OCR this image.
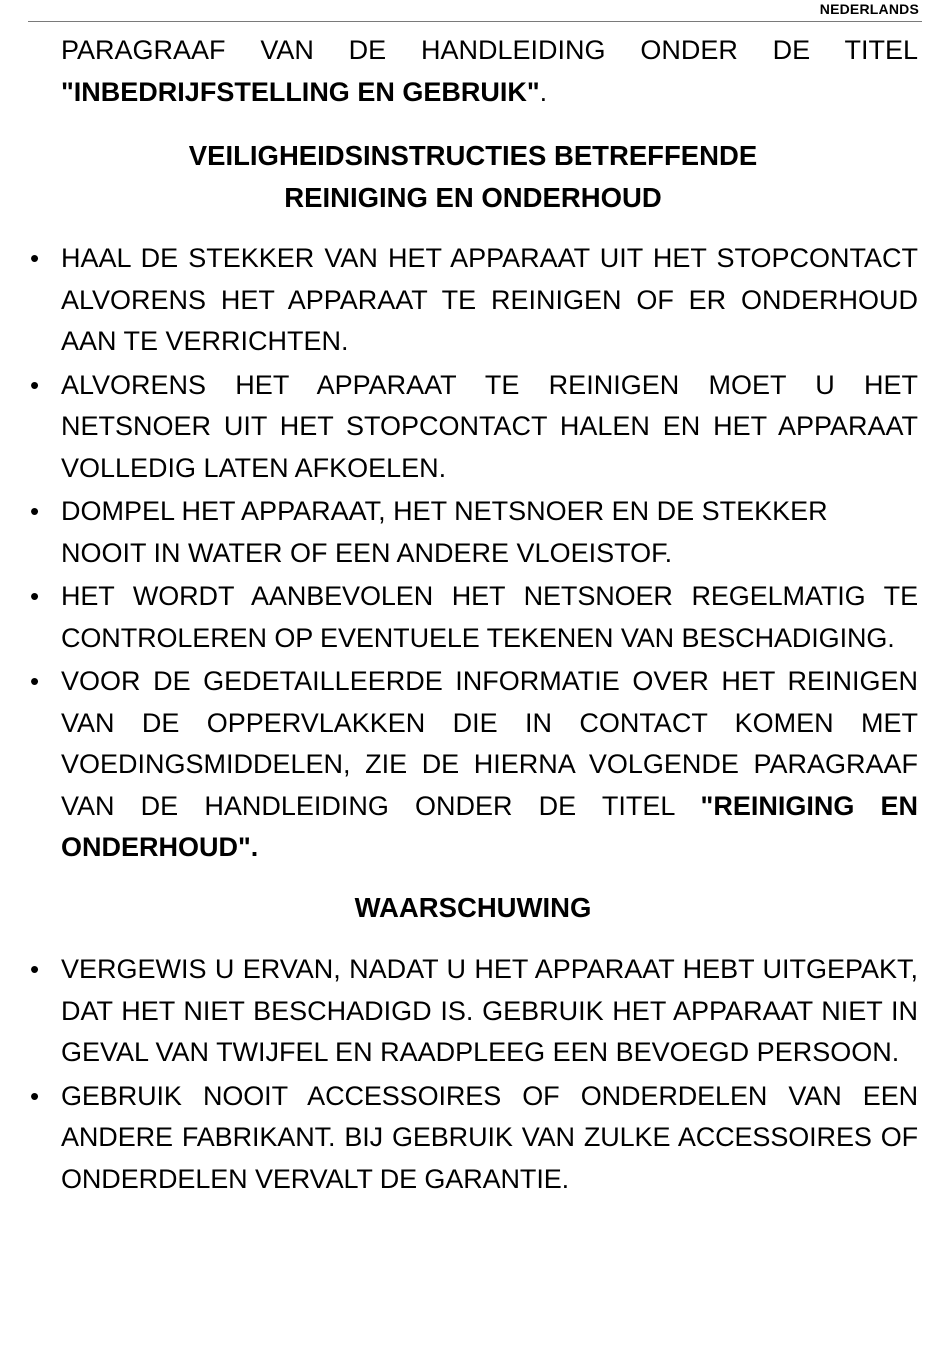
NEDERLANDS

PARAGRAAF VAN DE HANDLEIDING ONDER DE TITEL "INBEDRIJFSTELLING EN GEBRUIK".

VEILIGHEIDSINSTRUCTIES BETREFFENDE
REINIGING EN ONDERHOUD
• HAAL DE STEKKER VAN HET APPARAAT UIT HET STOPCONTACT ALVORENS HET APPARAAT TE REINIGEN OF ER ONDERHOUD AAN TE VERRICHTEN.
• ALVORENS HET APPARAAT TE REINIGEN MOET U HET NETSNOER UIT HET STOPCONTACT HALEN EN HET APPARAAT VOLLEDIG LATEN AFKOELEN.
• DOMPEL HET APPARAAT, HET NETSNOER EN DE STEKKER NOOIT IN WATER OF EEN ANDERE VLOEISTOF.
• HET WORDT AANBEVOLEN HET NETSNOER REGELMATIG TE CONTROLEREN OP EVENTUELE TEKENEN VAN BESCHADIGING.
• VOOR DE GEDETAILLEERDE INFORMATIE OVER HET REINIGEN VAN DE OPPERVLAKKEN DIE IN CONTACT KOMEN MET VOEDINGSMIDDELEN, ZIE DE HIERNA VOLGENDE PARAGRAAF VAN DE HANDLEIDING ONDER DE TITEL "REINIGING EN ONDERHOUD".
WAARSCHUWING
• VERGEWIS U ERVAN, NADAT U HET APPARAAT HEBT UITGEPAKT, DAT HET NIET BESCHADIGD IS. GEBRUIK HET APPARAAT NIET IN GEVAL VAN TWIJFEL EN RAADPLEEG EEN BEVOEGD PERSOON.
• GEBRUIK NOOIT ACCESSOIRES OF ONDERDELEN VAN EEN ANDERE FABRIKANT. BIJ GEBRUIK VAN ZULKE ACCESSOIRES OF ONDERDELEN VERVALT DE GARANTIE.
